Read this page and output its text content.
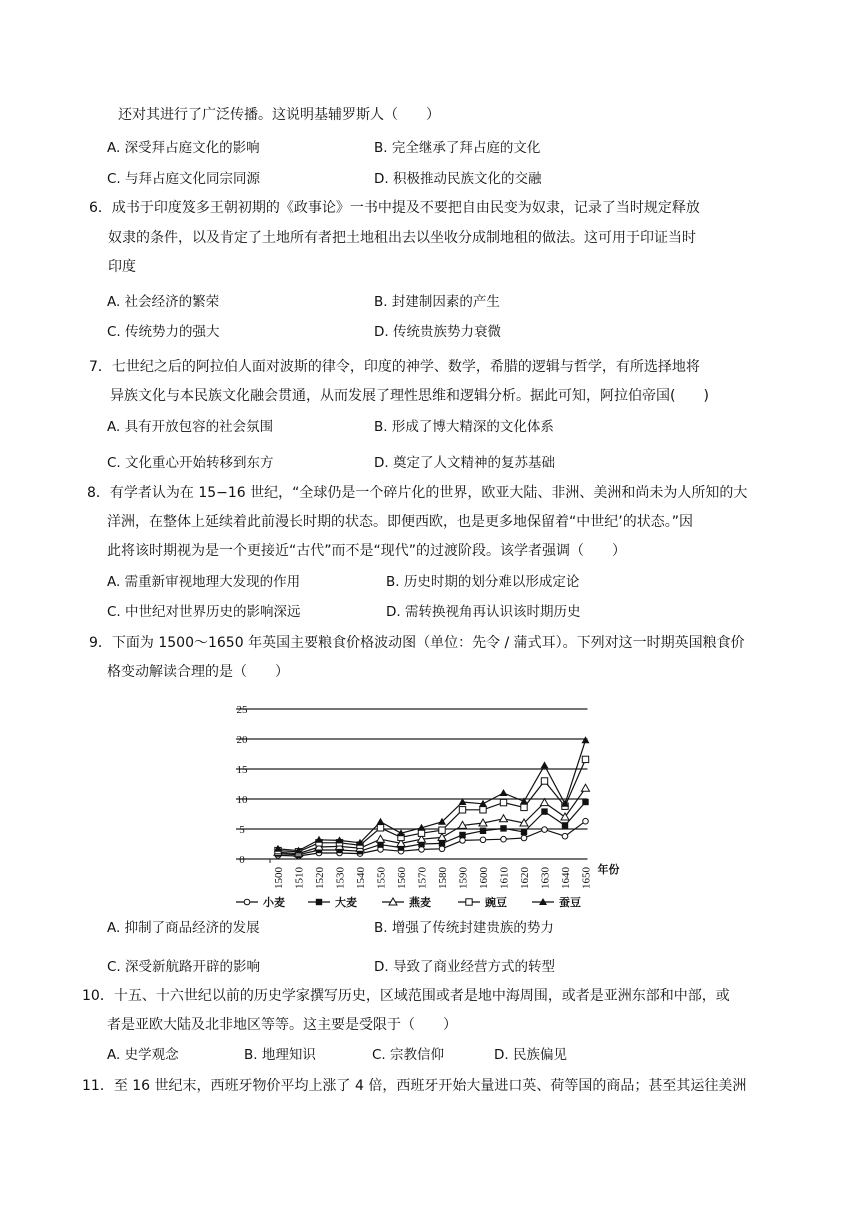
还对其进行了广泛传播。这说明基辅罗斯人（　　）
A. 深受拜占庭文化的影响	B. 完全继承了拜占庭的文化
C. 与拜占庭文化同宗同源	D. 积极推动民族文化的交融
6．成书于印度笈多王朝初期的《政事论》一书中提及不要把自由民变为奴隶，记录了当时规定释放
奴隶的条件，以及肯定了土地所有者把土地租出去以坐收分成制地租的做法。这可用于印证当时
印度
A. 社会经济的繁荣	B. 封建制因素的产生
C. 传统势力的强大	D. 传统贵族势力衰微
7．七世纪之后的阿拉伯人面对波斯的律令，印度的神学、数学，希腊的逻辑与哲学，有所选择地将
异族文化与本民族文化融会贯通，从而发展了理性思维和逻辑分析。据此可知，阿拉伯帝国(　　)
A. 具有开放包容的社会氛围	B. 形成了博大精深的文化体系
C. 文化重心开始转移到东方	D. 奠定了人文精神的复苏基础
8．有学者认为在 15−16 世纪，“全球仍是一个碎片化的世界，欧亚大陆、非洲、美洲和尚未为人所知的大
洋洲，在整体上延续着此前漫长时期的状态。即便西欧，也是更多地保留着“中世纪’的状态。”因
此将该时期视为是一个更接近“古代”而不是“现代”的过渡阶段。该学者强调（　　）
A. 需重新审视地理大发现的作用	B. 历史时期的划分难以形成定论
C. 中世纪对世界历史的影响深远	D. 需转换视角再认识该时期历史
9．下面为 1500～1650 年英国主要粮食价格波动图（单位：先令 / 蒲式耳）。下列对这一时期英国粮食价
格变动解读合理的是（　　）
0
5
10
15
20
25
1500 1510 1520 1530 1540 1550 1560 1570 1580 1590 1600 1610 1620 1630 1640 1650 年份
小麦	大麦	燕麦	豌豆	蚕豆
A. 抑制了商品经济的发展	B. 增强了传统封建贵族的势力
C. 深受新航路开辟的影响	D. 导致了商业经营方式的转型
10．十五、十六世纪以前的历史学家撰写历史，区域范围或者是地中海周围，或者是亚洲东部和中部，或
者是亚欧大陆及北非地区等等。这主要是受限于（　　）
A. 史学观念	B. 地理知识	C. 宗教信仰	D. 民族偏见
11．至 16 世纪末，西班牙物价平均上涨了 4 倍，西班牙开始大量进口英、荷等国的商品；甚至其运往美洲
